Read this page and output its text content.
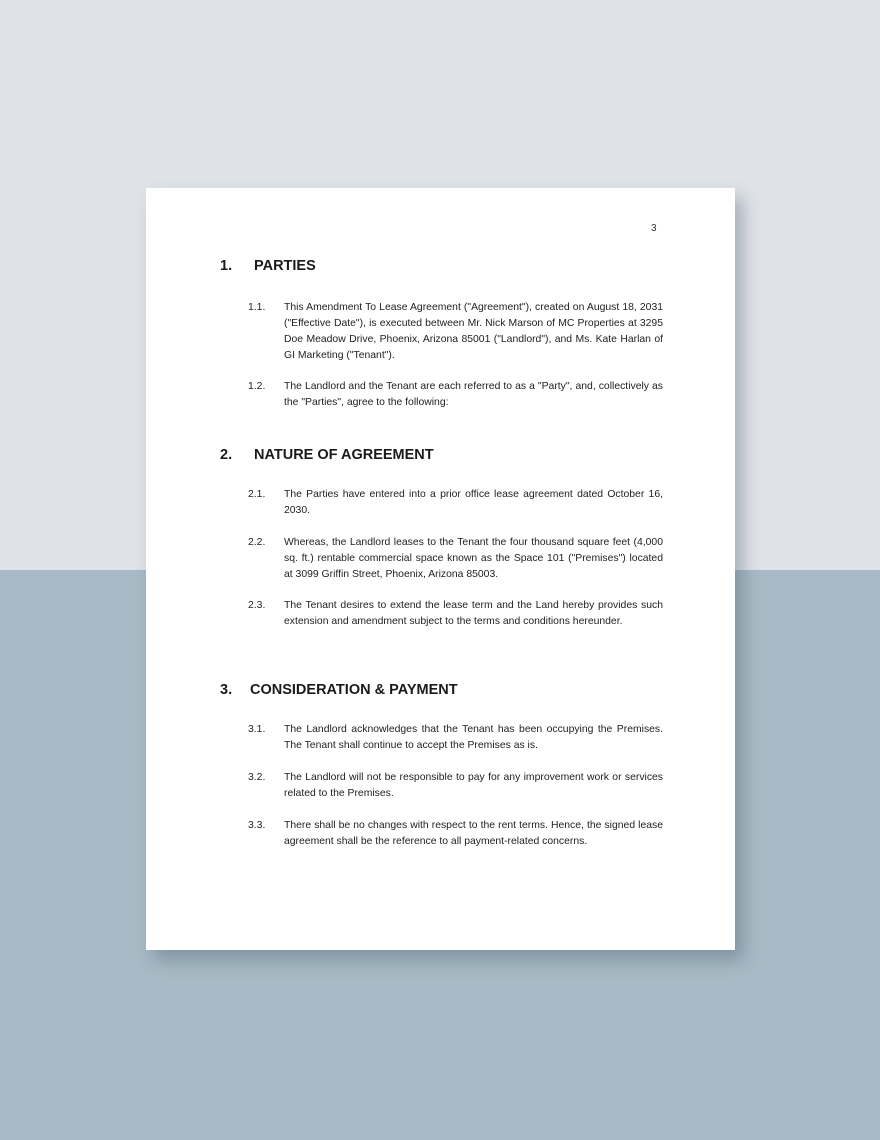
3
1. PARTIES
1.1.	This Amendment To Lease Agreement ("Agreement"), created on August 18, 2031 ("Effective Date"), is executed between Mr. Nick Marson of MC Properties at 3295 Doe Meadow Drive, Phoenix, Arizona 85001 ("Landlord"), and Ms. Kate Harlan of GI Marketing ("Tenant").
1.2.	The Landlord and the Tenant are each referred to as a "Party", and, collectively as the "Parties", agree to the following:
2. NATURE OF AGREEMENT
2.1.	The Parties have entered into a prior office lease agreement dated October 16, 2030.
2.2.	Whereas, the Landlord leases to the Tenant the four thousand square feet (4,000 sq. ft.) rentable commercial space known as the Space 101 ("Premises") located at 3099 Griffin Street, Phoenix, Arizona 85003.
2.3.	The Tenant desires to extend the lease term and the Land hereby provides such extension and amendment subject to the terms and conditions hereunder.
3. CONSIDERATION & PAYMENT
3.1.	The Landlord acknowledges that the Tenant has been occupying the Premises. The Tenant shall continue to accept the Premises as is.
3.2.	The Landlord will not be responsible to pay for any improvement work or services related to the Premises.
3.3.	There shall be no changes with respect to the rent terms. Hence, the signed lease agreement shall be the reference to all payment-related concerns.
